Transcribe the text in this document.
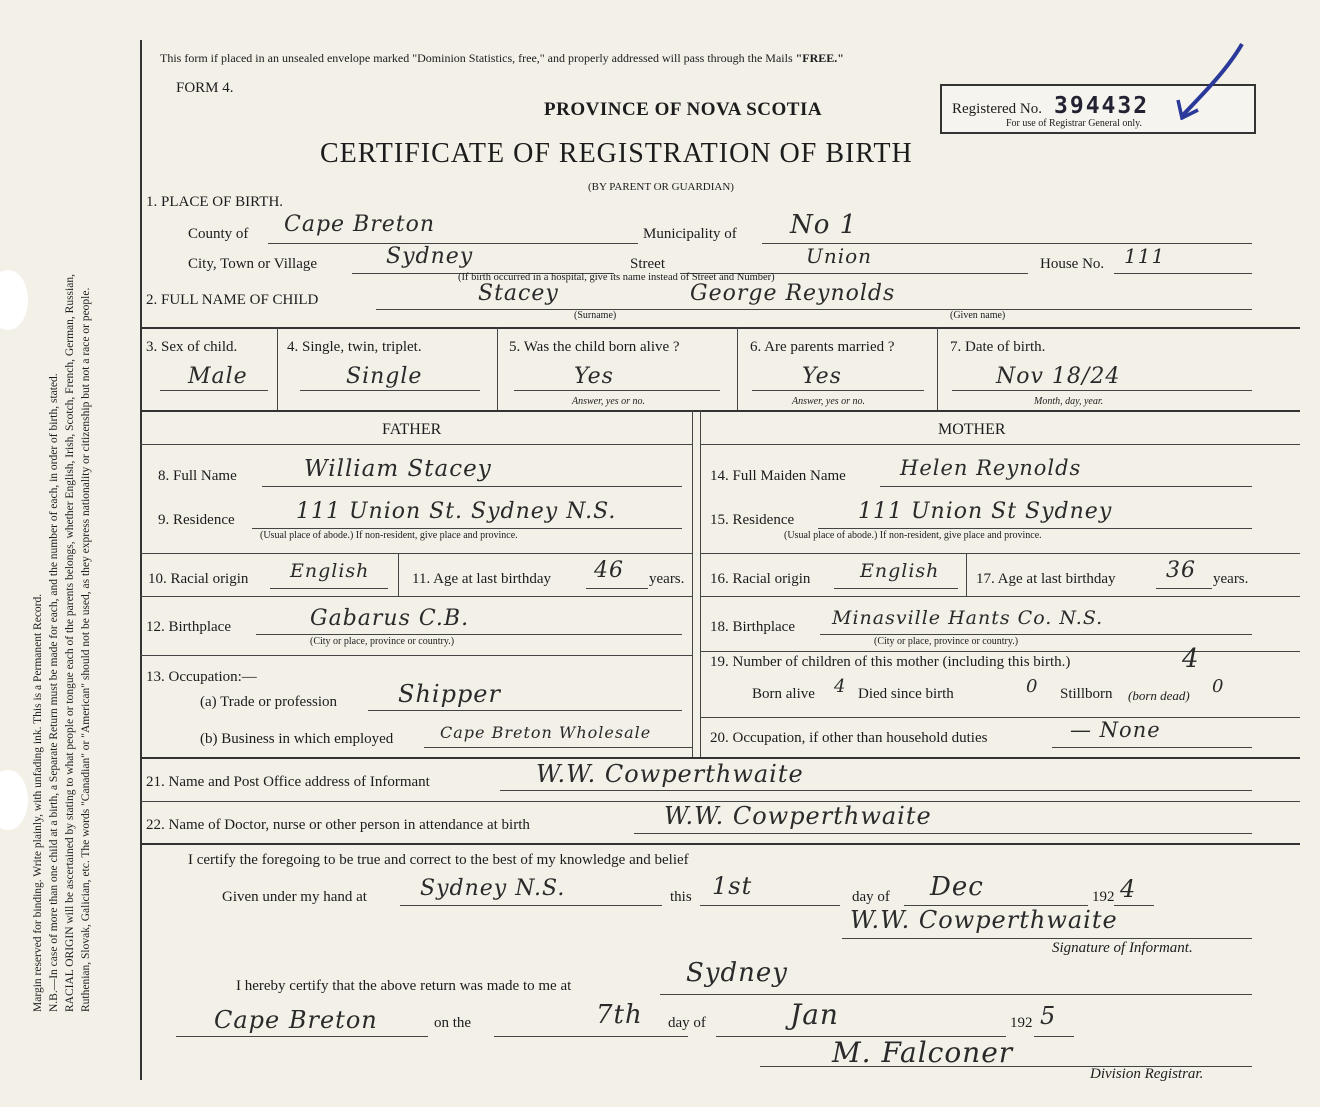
Margin reserved for binding. Write plainly, with unfading ink. This is a Permanent Record. N.B.—In case of more than one child at a birth, a Separate Return must be made for each, and the number of each, in order of birth, stated. RACIAL ORIGIN will be ascertained by stating to what people or tongue each of the parents belongs, whether English, Irish, Scotch, French, German, Russian, Ruthenian, Slovak, Galician, etc. The words "Canadian" or "American" should not be used, as they express nationality or citizenship but not a race or people.
This form if placed in an unsealed envelope marked "Dominion Statistics, free," and properly addressed will pass through the Mails "FREE."
FORM 4.
PROVINCE OF NOVA SCOTIA	Registered No. 394432
For use of Registrar General only.
CERTIFICATE OF REGISTRATION OF BIRTH
(BY PARENT OR GUARDIAN)
1. PLACE OF BIRTH.
County of Cape Breton	Municipality of No 1
City, Town or Village	Sydney	Street	Union
(If birth occurred in a hospital, give its name instead of Street and Number)
House No. 111
2. FULL NAME OF CHILD	Stacey	George Reynolds
(Surname)	(Given name)
3. Sex of child.
Male
4. Single, twin, triplet.
Single
5. Was the child born alive ?
Yes
Answer, yes or no.
6. Are parents married ?
Yes
Answer, yes or no.
7. Date of birth.
Nov 18/24
Month, day, year.
FATHER	MOTHER
8. Full Name	William Stacey
9. Residence	111 Union St. Sydney N.S.
(Usual place of abode.) If non-resident, give place and province.
10. Racial origin English	11. Age at last birthday 46 years.
12. Birthplace	Gabarus C.B.
(City or place, province or country.)
13. Occupation:—
(a) Trade or profession	Shipper
(b) Business in which employed	Cape Breton Wholesale
14. Full Maiden Name	Helen Reynolds
15. Residence	111 Union St Sydney
(Usual place of abode.) If non-resident, give place and province.
16. Racial origin	English 17. Age at last birthday 36 years.
18. Birthplace Minasville Hants Co. N.S.
(City or place, province or country.)
19. Number of children of this mother (including this birth.)	4
Born alive 4 Died since birth	0 Stillborn (born dead) 0
20. Occupation, if other than household duties	— None
21. Name and Post Office address of Informant	W.W. Cowperthwaite
22. Name of Doctor, nurse or other person in attendance at birth	W.W. Cowperthwaite
I certify the foregoing to be true and correct to the best of my knowledge and belief
Given under my hand at Sydney N.S.	this 1st	day of Dec	192 4
W.W. Cowperthwaite
Signature of Informant.
I hereby certify that the above return was made to me at	Sydney
Cape Breton	on the	7th day of	Jan	192 5
M. Falconer
Division Registrar.
